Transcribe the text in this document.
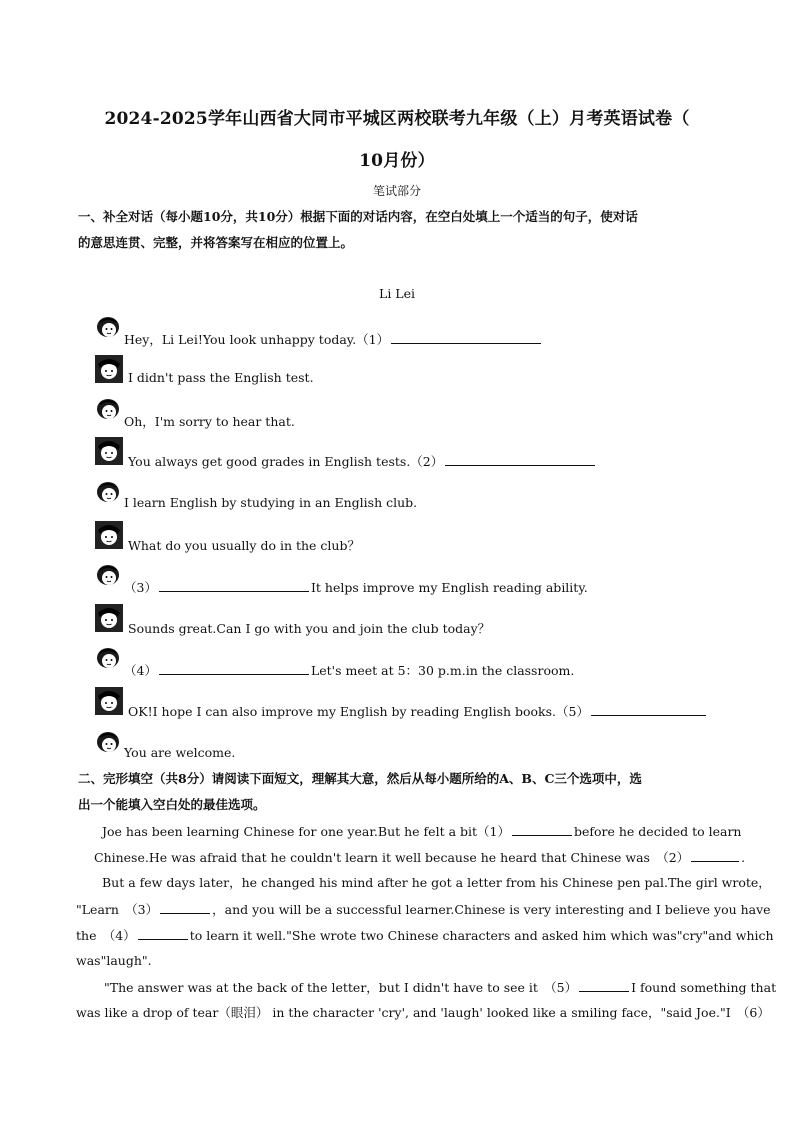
2024-2025学年山西省大同市平城区两校联考九年级（上）月考英语试卷（
10月份）
笔试部分
一、补全对话（每小题10分，共10分）根据下面的对话内容，在空白处填上一个适当的句子，使对话
的意思连贯、完整，并将答案写在相应的位置上。
Li Lei
Hey，Li Lei!You look unhappy today.（1）
I didn't pass the English test.
Oh，I'm sorry to hear that.
You always get good grades in English tests.（2）
I learn English by studying in an English club.
What do you usually do in the club？
（3）	It helps improve my English reading ability.
Sounds great.Can I go with you and join the club today？
（4）	Let's meet at 5：30 p.m.in the classroom.
OK!I hope I can also improve my English by reading English books.（5）
You are welcome.
二、完形填空（共8分）请阅读下面短文，理解其大意，然后从每小题所给的A、B、C三个选项中，选
出一个能填入空白处的最佳选项。
Joe has been learning Chinese for one year.But he felt a bit（1）	before he decided to learn
Chinese.He was afraid that he couldn't learn it well because he heard that Chinese was　（2）	.
But a few days later，he changed his mind after he got a letter from his Chinese pen pal.The girl wrote，
"Learn　（3）	，and you will be a successful learner.Chinese is very interesting and I believe you have
the　（4）	to learn it well."She wrote two Chinese characters and asked him which was"cry"and which
was"laugh".
"The answer was at the back of the letter，but I didn't have to see it　（5）	I found something that
was like a drop of tear（眼泪） in the character 'cry', and 'laugh' looked like a smiling face，"said Joe."I　（6）
